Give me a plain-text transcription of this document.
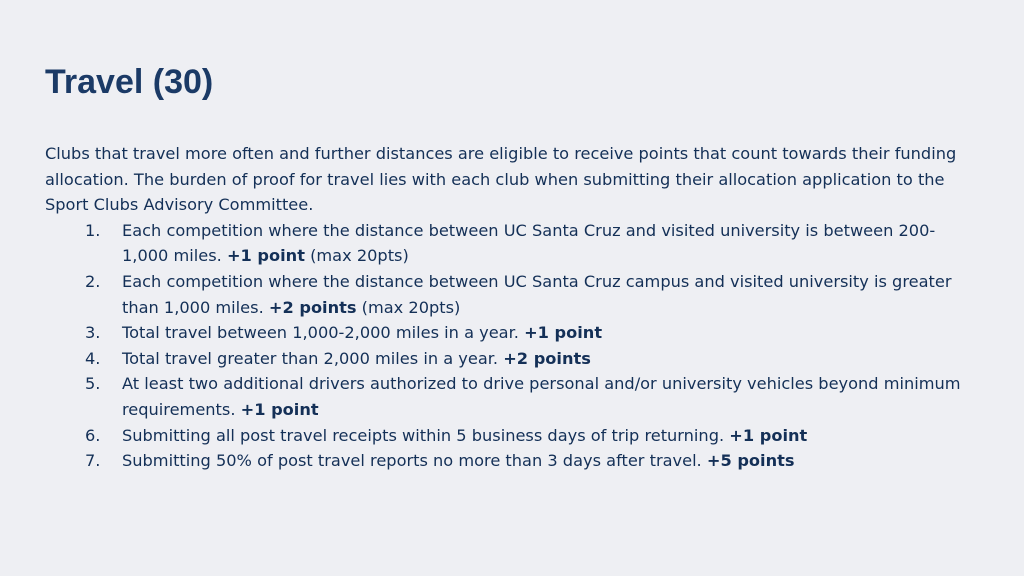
Travel (30)

Clubs that travel more often and further distances are eligible to receive points that count towards their funding allocation. The burden of proof for travel lies with each club when submitting their allocation application to the Sport Clubs Advisory Committee.

1. Each competition where the distance between UC Santa Cruz and visited university is between 200-1,000 miles. +1 point (max 20pts)
2. Each competition where the distance between UC Santa Cruz campus and visited university is greater than 1,000 miles. +2 points (max 20pts)
3. Total travel between 1,000-2,000 miles in a year. +1 point
4. Total travel greater than 2,000 miles in a year. +2 points
5. At least two additional drivers authorized to drive personal and/or university vehicles beyond minimum requirements. +1 point
6. Submitting all post travel receipts within 5 business days of trip returning. +1 point
7. Submitting 50% of post travel reports no more than 3 days after travel. +5 points
